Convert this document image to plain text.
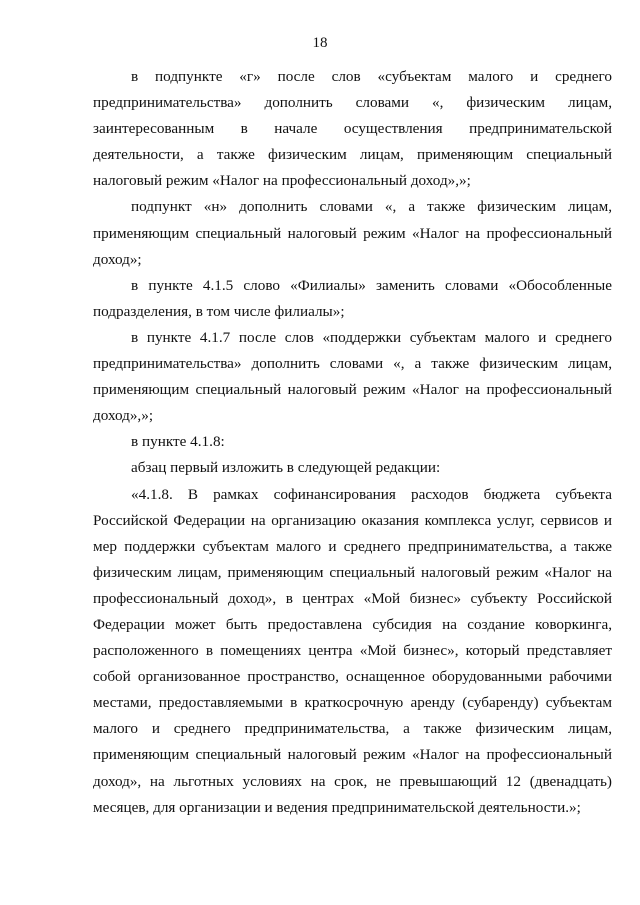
18

в подпункте «г» после слов «субъектам малого и среднего предпринимательства» дополнить словами «, физическим лицам, заинтересованным в начале осуществления предпринимательской деятельности, а также физическим лицам, применяющим специальный налоговый режим «Налог на профессиональный доход»,»;

подпункт «н» дополнить словами «, а также физическим лицам, применяющим специальный налоговый режим «Налог на профессиональный доход»;

в пункте 4.1.5 слово «Филиалы» заменить словами «Обособленные подразделения, в том числе филиалы»;

в пункте 4.1.7 после слов «поддержки субъектам малого и среднего предпринимательства» дополнить словами «, а также физическим лицам, применяющим специальный налоговый режим «Налог на профессиональный доход»,»;

в пункте 4.1.8:

абзац первый изложить в следующей редакции:

«4.1.8. В рамках софинансирования расходов бюджета субъекта Российской Федерации на организацию оказания комплекса услуг, сервисов и мер поддержки субъектам малого и среднего предпринимательства, а также физическим лицам, применяющим специальный налоговый режим «Налог на профессиональный доход», в центрах «Мой бизнес» субъекту Российской Федерации может быть предоставлена субсидия на создание коворкинга, расположенного в помещениях центра «Мой бизнес», который представляет собой организованное пространство, оснащенное оборудованными рабочими местами, предоставляемыми в краткосрочную аренду (субаренду) субъектам малого и среднего предпринимательства, а также физическим лицам, применяющим специальный налоговый режим «Налог на профессиональный доход», на льготных условиях на срок, не превышающий 12 (двенадцать) месяцев, для организации и ведения предпринимательской деятельности.»;
